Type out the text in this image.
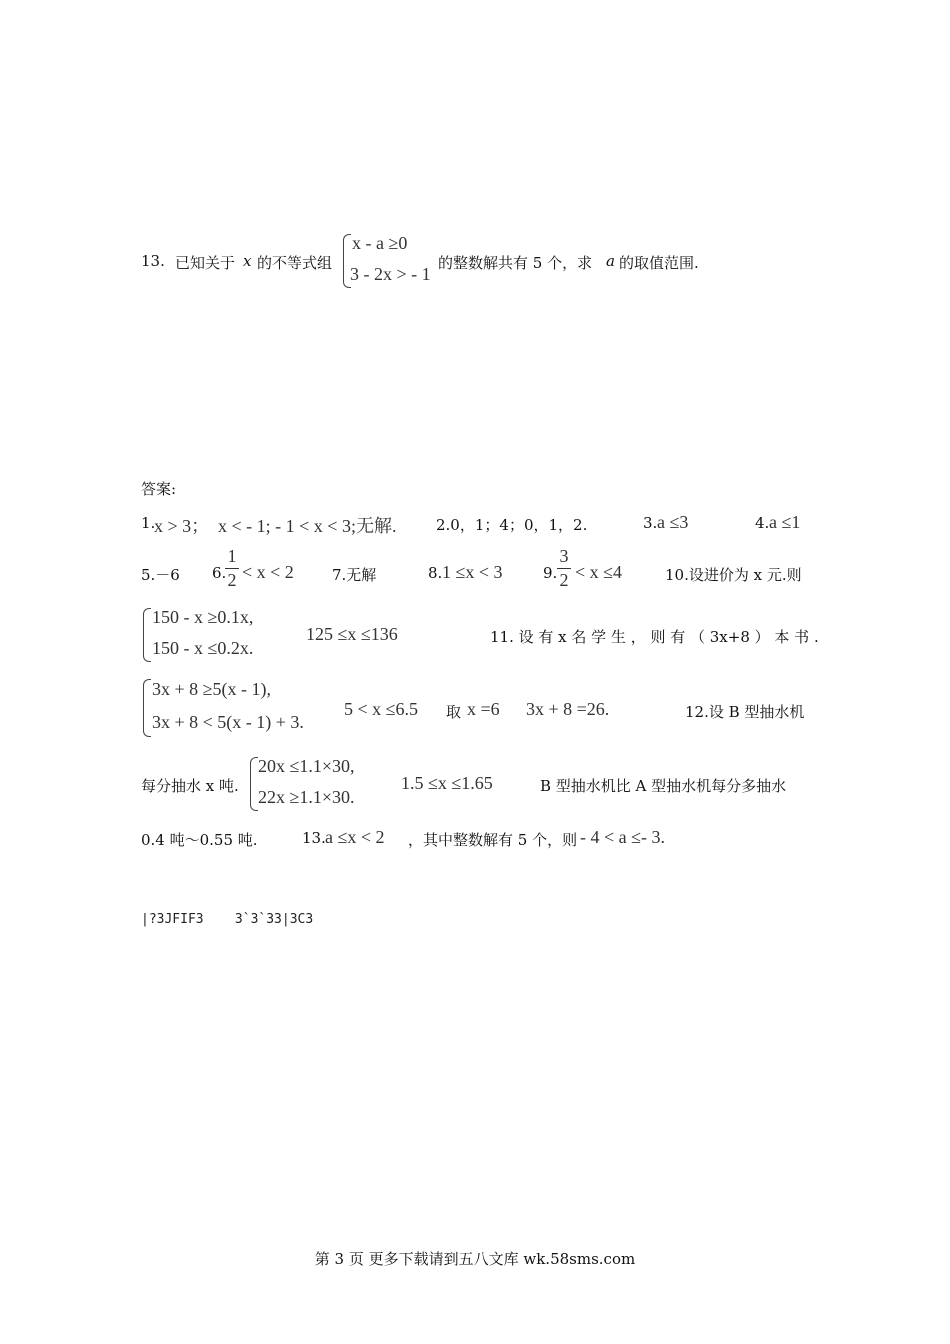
13. 已知关于 x 的不等式组
x - a ≥0
3 - 2x > - 1
的整数解共有 5 个，求 a 的取值范围.
答案:
1.
x > 3； x < - 1; - 1 < x < 3;无解.	2.0，1；4；0，1，2.	3. a ≤3	4. a ≤1
5.－6 6.
1
2 < x < 2	7.无解	8. 1 ≤x < 3	9.
3
2 < x ≤4	10.设进价为 x 元.则
150 - x ≥0.1x,
150 - x ≤0.2x.
125 ≤x ≤136	11. 设 有 x 名 学 生 ， 则 有 （ 3x+8 ） 本 书 .
3x + 8 ≥5(x - 1),
3x + 8 < 5(x - 1) + 3.
5 < x ≤6.5 取 x =6 3x + 8 =26.	12.设 B 型抽水机
每分抽水 x 吨.
20x ≤1.1×30,
22x ≥1.1×30.
1.5 ≤x ≤1.65	B 型抽水机比 A 型抽水机每分多抽水
0.4 吨～0.55 吨.	13. a ≤x < 2 ，其中整数解有 5 个，则 - 4 < a ≤- 3.
|?3JFIF3    3`3`33|3C3
第 3 页 更多下载请到五八文库 wk.58sms.com
